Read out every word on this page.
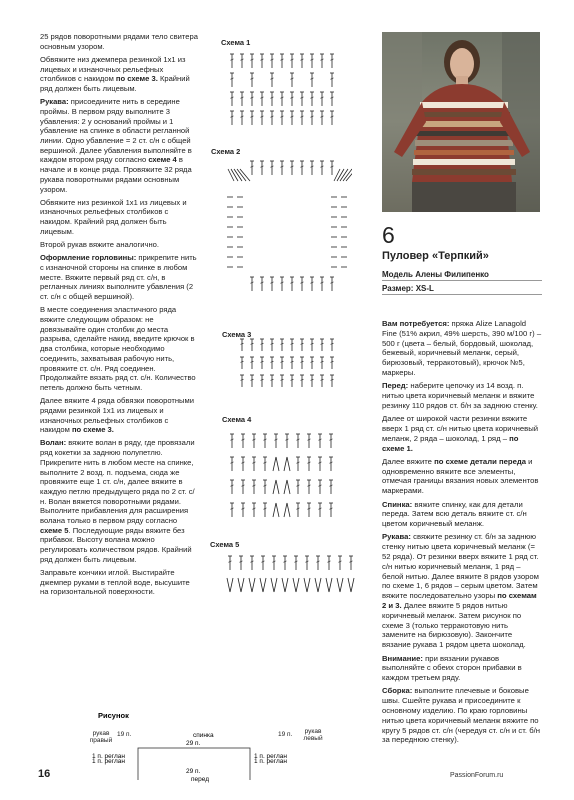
25 рядов поворотными рядами тело свитера основным узором.

Обвяжите низ джемпера резинкой 1х1 из лицевых и изнаночных рельефных столбиков с накидом по схеме 3. Крайний ряд должен быть лицевым.

Рукава: присоедините нить в середине проймы. В первом ряду выполните 3 убавления: 2 у оснований проймы и 1 убавление на спинке в области регланной линии. Одно убавление = 2 ст. с/н с общей вершиной. Далее убавления выполняйте в каждом втором ряду согласно схеме 4 в начале и в конце ряда. Провяжите 32 ряда рукава поворотными рядами основным узором.

Обвяжите низ резинкой 1х1 из лицевых и изнаночных рельефных столбиков с накидом. Крайний ряд должен быть лицевым.

Второй рукав вяжите аналогично.

Оформление горловины: прикрепите нить с изнаночной стороны на спинке в любом месте. Вяжите первый ряд ст. с/н, в регланных линиях выполните убавления (2 ст. с/н с общей вершиной).

В месте соединения эластичного ряда вяжите следующим образом: не довязывайте один столбик до места разрыва, сделайте накид, введите крючок в два столбика, которые необходимо соединить, захватывая рабочую нить, провяжите ст. с/н. Ряд соединен. Продолжайте вязать ряд ст. с/н. Количество петель должно быть четным.

Далее вяжите 4 ряда обвязки поворотными рядами резинкой 1х1 из лицевых и изнаночных рельефных столбиков с накидом по схеме 3.

Волан: вяжите волан в ряду, где провязали ряд кокетки за заднюю полупетлю. Прикрепите нить в любом месте на спинке, выполните 2 возд. п. подъема, сюда же провяжите еще 1 ст. с/н, далее вяжите в каждую петлю предыдущего ряда по 2 ст. с/н. Волан вяжется поворотными рядами. Выполните прибавления для расширения волана только в первом ряду согласно схеме 5. Последующие ряды вяжите без прибавок. Высоту волана можно регулировать количеством рядов. Крайний ряд должен быть лицевым.

Заправьте кончики иглой. Выстирайте джемпер руками в теплой воде, высушите на горизонтальной поверхности.

Схема 1
Схема 2
Схема 3
Схема 4
Схема 5
Рисунок
спинка
29 п.
1 п. реглан	1 п. реглан
1 п. реглан	1 п. реглан
29 п.
перед
рукав правый
19 п.	19 п.	рукав левый
6
Пуловер «Терпкий»
Модель Алены Филипенко
Размер: XS-L

Вам потребуется: пряжа Alize Lanagold Fine (51% акрил, 49% шерсть, 390 м/100 г) – 500 г (цвета – белый, бордовый, шоколад, бежевый, коричневый меланж, серый, бирюзовый, терракотовый), крючок №5, маркеры.

Перед: наберите цепочку из 14 возд. п. нитью цвета коричневый меланж и вяжите резинку 110 рядов ст. б/н за заднюю стенку.

Далее от широкой части резинки вяжите вверх 1 ряд ст. с/н нитью цвета коричневый меланж, 2 ряда – шоколад, 1 ряд – по схеме 1.

Далее вяжите по схеме детали переда и одновременно вяжите все элементы, отмечая границы вязания новых элементов маркерами.

Спинка: вяжите спинку, как для детали переда. Затем всю деталь вяжите ст. с/н цветом коричневый меланж.

Рукава: свяжите резинку ст. б/н за заднюю стенку нитью цвета коричневый меланж (= 52 ряда). От резинки вверх вяжите 1 ряд ст. с/н нитью коричневый меланж, 1 ряд – белой нитью. Далее вяжите 8 рядов узором по схеме 1, 6 рядов – серым цветом. Затем вяжите последовательно узоры по схемам 2 и 3. Далее вяжите 5 рядов нитью коричневый меланж. Затем рисунок по схеме 3 (только терракотовую нить замените на бирюзовую). Закончите вязание рукава 1 рядом цвета шоколад.

Внимание: при вязании рукавов выполняйте с обеих сторон прибавки в каждом третьем ряду.

Сборка: выполните плечевые и боковые швы. Сшейте рукава и присоедините к основному изделию. По краю горловины нитью цвета коричневый меланж вяжите по кругу 5 рядов ст. с/н (чередуя ст. с/н и ст. б/н за переднюю стенку).

16	PassionForum.ru
